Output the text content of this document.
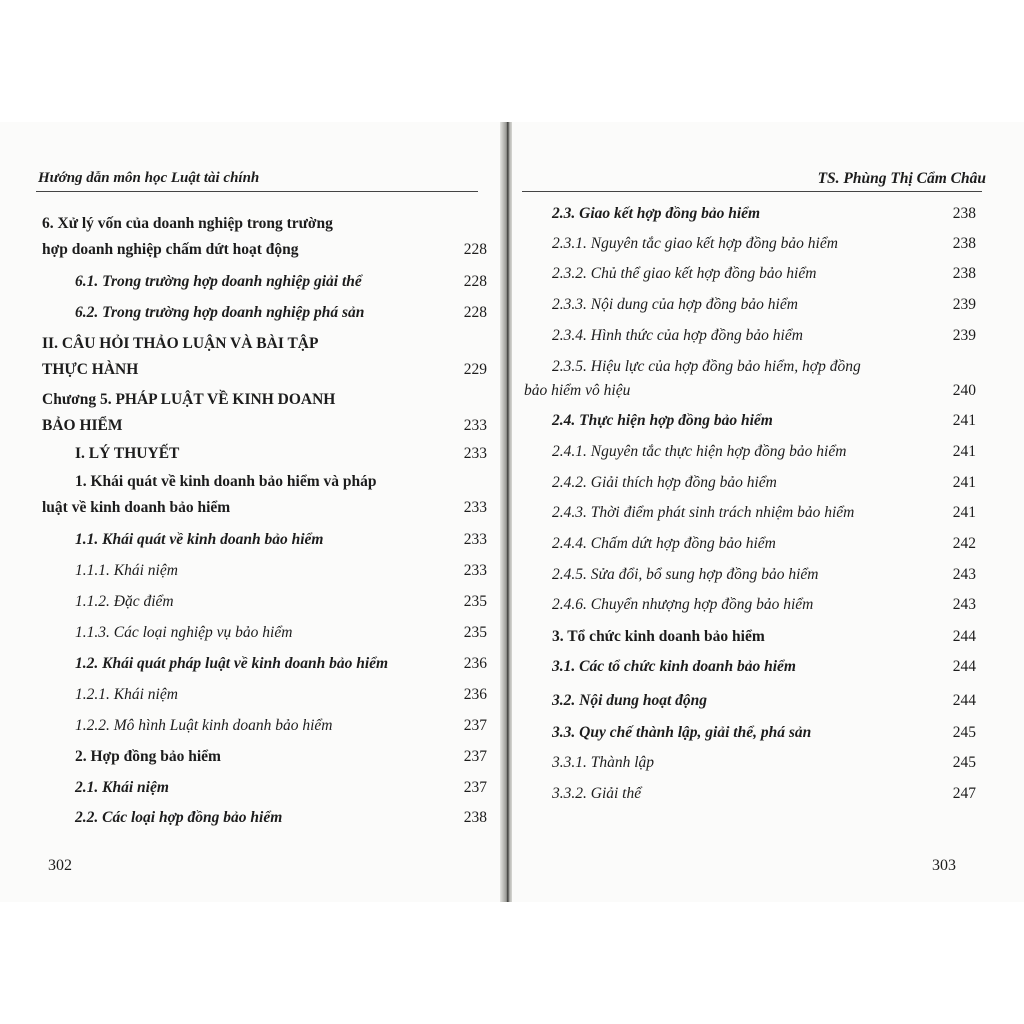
Hướng dẫn môn học Luật tài chính
6. Xử lý vốn của doanh nghiệp trong trường
hợp doanh nghiệp chấm dứt hoạt động	228
6.1. Trong trường hợp doanh nghiệp giải thể	228
6.2. Trong trường hợp doanh nghiệp phá sản	228
II. CÂU HỎI THẢO LUẬN VÀ BÀI TẬP
THỰC HÀNH	229
Chương 5. PHÁP LUẬT VỀ KINH DOANH
BẢO HIỂM	233
I. LÝ THUYẾT	233
1. Khái quát về kinh doanh bảo hiểm và pháp
luật về kinh doanh bảo hiểm	233
1.1. Khái quát về kinh doanh bảo hiểm	233
1.1.1. Khái niệm	233
1.1.2. Đặc điểm	235
1.1.3. Các loại nghiệp vụ bảo hiểm	235
1.2. Khái quát pháp luật về kinh doanh bảo hiểm	236
1.2.1. Khái niệm	236
1.2.2. Mô hình Luật kinh doanh bảo hiểm	237
2. Hợp đồng bảo hiểm	237
2.1. Khái niệm	237
2.2. Các loại hợp đồng bảo hiểm	238
302
TS. Phùng Thị Cẩm Châu
2.3. Giao kết hợp đồng bảo hiểm	238
2.3.1. Nguyên tắc giao kết hợp đồng bảo hiểm	238
2.3.2. Chủ thể giao kết hợp đồng bảo hiểm	238
2.3.3. Nội dung của hợp đồng bảo hiểm	239
2.3.4. Hình thức của hợp đồng bảo hiểm	239
2.3.5. Hiệu lực của hợp đồng bảo hiểm, hợp đồng
bảo hiểm vô hiệu	240
2.4. Thực hiện hợp đồng bảo hiểm	241
2.4.1. Nguyên tắc thực hiện hợp đồng bảo hiểm	241
2.4.2. Giải thích hợp đồng bảo hiểm	241
2.4.3. Thời điểm phát sinh trách nhiệm bảo hiểm	241
2.4.4. Chấm dứt hợp đồng bảo hiểm	242
2.4.5. Sửa đổi, bổ sung hợp đồng bảo hiểm	243
2.4.6. Chuyển nhượng hợp đồng bảo hiểm	243
3. Tổ chức kinh doanh bảo hiểm	244
3.1. Các tổ chức kinh doanh bảo hiểm	244
3.2. Nội dung hoạt động	244
3.3. Quy chế thành lập, giải thể, phá sản	245
3.3.1. Thành lập	245
3.3.2. Giải thể	247
303
